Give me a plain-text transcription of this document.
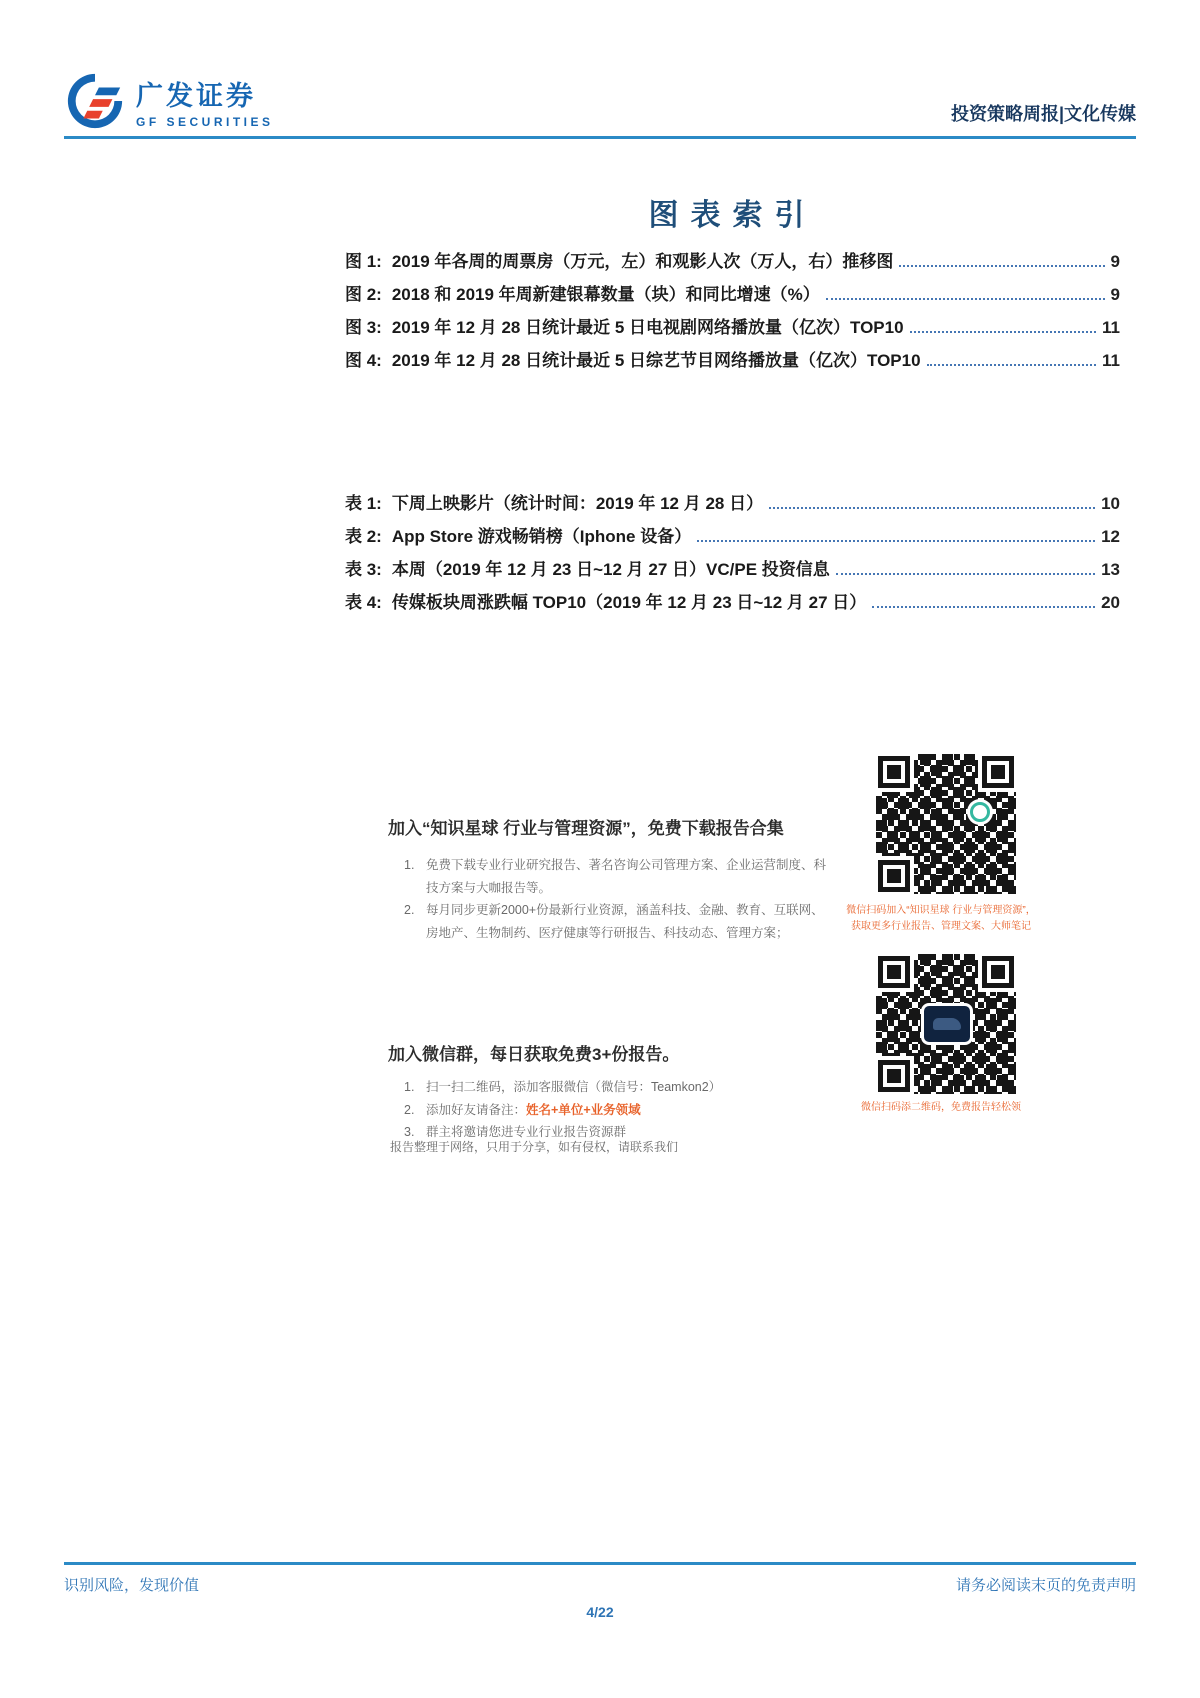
广发证券
GF SECURITIES	投资策略周报|文化传媒
图表索引
图 1: 2019 年各周的周票房（万元，左）和观影人次（万人，右）推移图	9
图 2: 2018 和 2019 年周新建银幕数量（块）和同比增速（%）	9
图 3: 2019 年 12 月 28 日统计最近 5 日电视剧网络播放量（亿次）TOP10	11
图 4: 2019 年 12 月 28 日统计最近 5 日综艺节目网络播放量（亿次）TOP10	11
表 1: 下周上映影片（统计时间：2019 年 12 月 28 日）	10
表 2: App Store 游戏畅销榜（Iphone 设备）	12
表 3: 本周（2019 年 12 月 23 日~12 月 27 日）VC/PE 投资信息	13
表 4: 传媒板块周涨跌幅 TOP10（2019 年 12 月 23 日~12 月 27 日）	20
加入“知识星球 行业与管理资源”，免费下载报告合集
1. 免费下载专业行业研究报告、著名咨询公司管理方案、企业运营制度、科技方案与大咖报告等。
2. 每月同步更新2000+份最新行业资源，涵盖科技、金融、教育、互联网、房地产、生物制药、医疗健康等行研报告、科技动态、管理方案；
微信扫码加入“知识星球 行业与管理资源”，
获取更多行业报告、管理文案、大师笔记
加入微信群，每日获取免费3+份报告。
1. 扫一扫二维码，添加客服微信（微信号：Teamkon2）
2. 添加好友请备注：姓名+单位+业务领域
3. 群主将邀请您进专业行业报告资源群
微信扫码添二维码，免费报告轻松领
报告整理于网络，只用于分享，如有侵权，请联系我们
识别风险，发现价值	请务必阅读末页的免责声明
4/22
